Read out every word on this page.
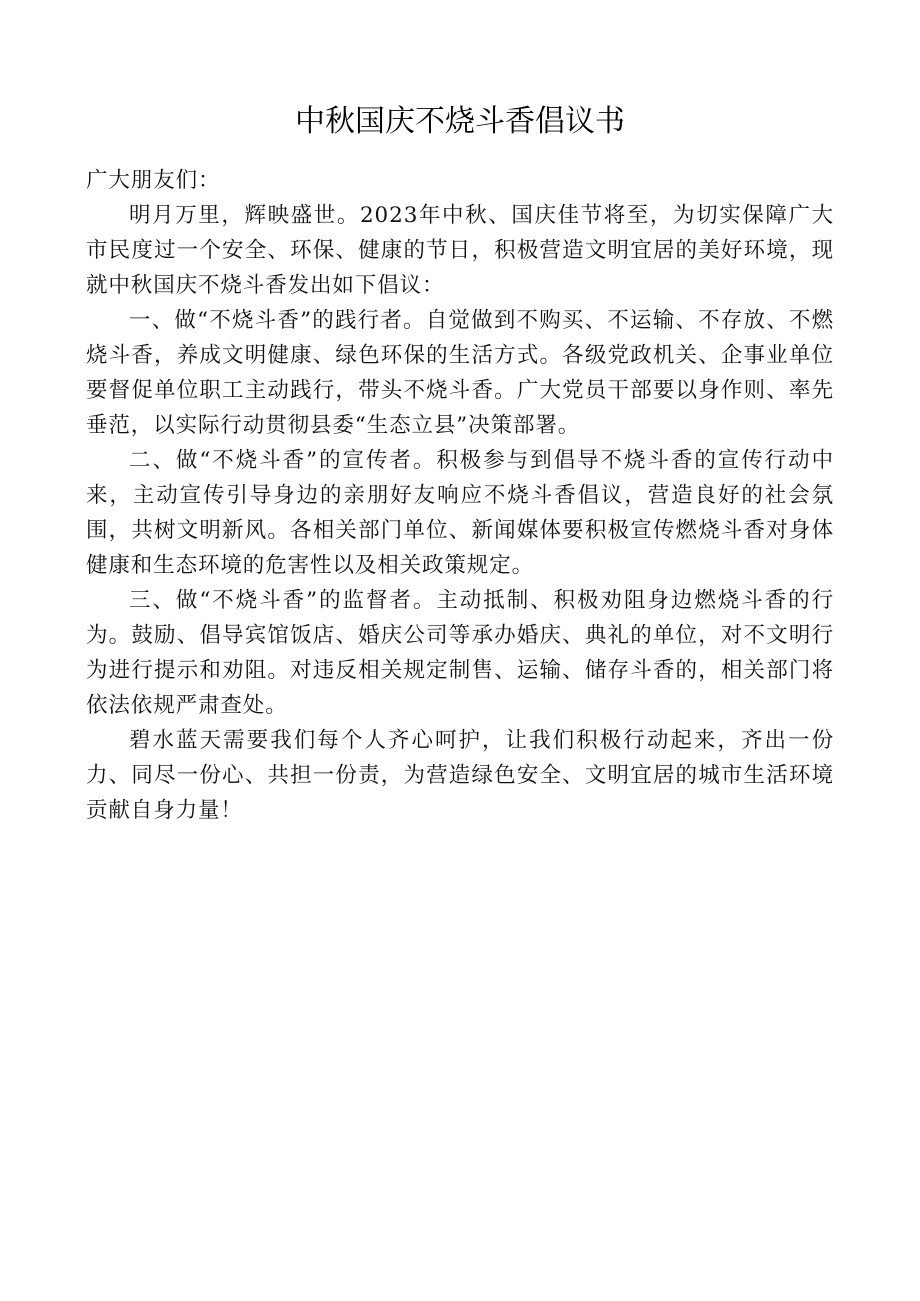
中秋国庆不烧斗香倡议书

广大朋友们：

明月万里，辉映盛世。2023年中秋、国庆佳节将至，为切实保障广大市民度过一个安全、环保、健康的节日，积极营造文明宜居的美好环境，现就中秋国庆不烧斗香发出如下倡议：

一、做“不烧斗香”的践行者。自觉做到不购买、不运输、不存放、不燃烧斗香，养成文明健康、绿色环保的生活方式。各级党政机关、企事业单位要督促单位职工主动践行，带头不烧斗香。广大党员干部要以身作则、率先垂范，以实际行动贯彻县委“生态立县”决策部署。

二、做“不烧斗香”的宣传者。积极参与到倡导不烧斗香的宣传行动中来，主动宣传引导身边的亲朋好友响应不烧斗香倡议，营造良好的社会氛围，共树文明新风。各相关部门单位、新闻媒体要积极宣传燃烧斗香对身体健康和生态环境的危害性以及相关政策规定。

三、做“不烧斗香”的监督者。主动抵制、积极劝阻身边燃烧斗香的行为。鼓励、倡导宾馆饭店、婚庆公司等承办婚庆、典礼的单位，对不文明行为进行提示和劝阻。对违反相关规定制售、运输、储存斗香的，相关部门将依法依规严肃查处。

碧水蓝天需要我们每个人齐心呵护，让我们积极行动起来，齐出一份力、同尽一份心、共担一份责，为营造绿色安全、文明宜居的城市生活环境贡献自身力量！
